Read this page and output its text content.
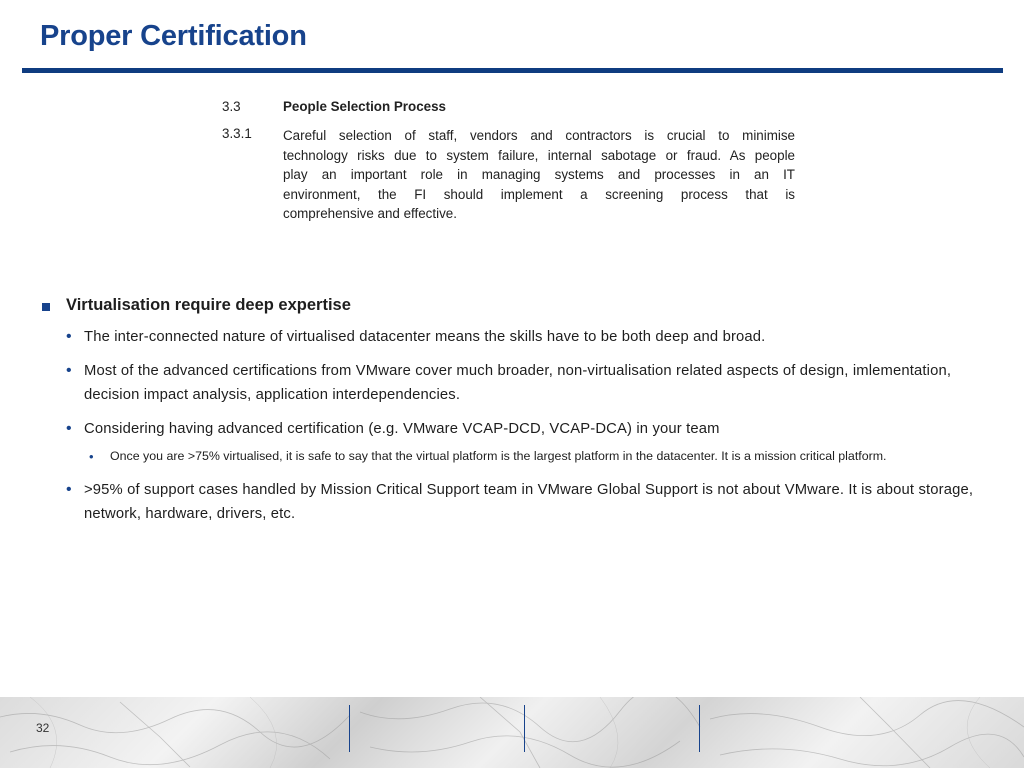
Proper Certification
3.3	People Selection Process
3.3.1	Careful selection of staff, vendors and contractors is crucial to minimise
technology risks due to system failure, internal sabotage or fraud. As people
play an important role in managing systems and processes in an IT
environment, the FI should implement a screening process that is
comprehensive and effective.
Virtualisation require deep expertise
• The inter-connected nature of virtualised datacenter means the skills have to be both deep and broad.
• Most of the advanced certifications from VMware cover much broader, non-virtualisation related aspects of design, imlementation, decision impact analysis, application interdependencies.
• Considering having advanced certification (e.g. VMware VCAP-DCD, VCAP-DCA) in your team
• Once you are >75% virtualised, it is safe to say that the virtual platform is the largest platform in the datacenter. It is a mission critical platform.
• >95% of support cases handled by Mission Critical Support team in VMware Global Support is not about VMware. It is about storage, network, hardware, drivers, etc.
32
